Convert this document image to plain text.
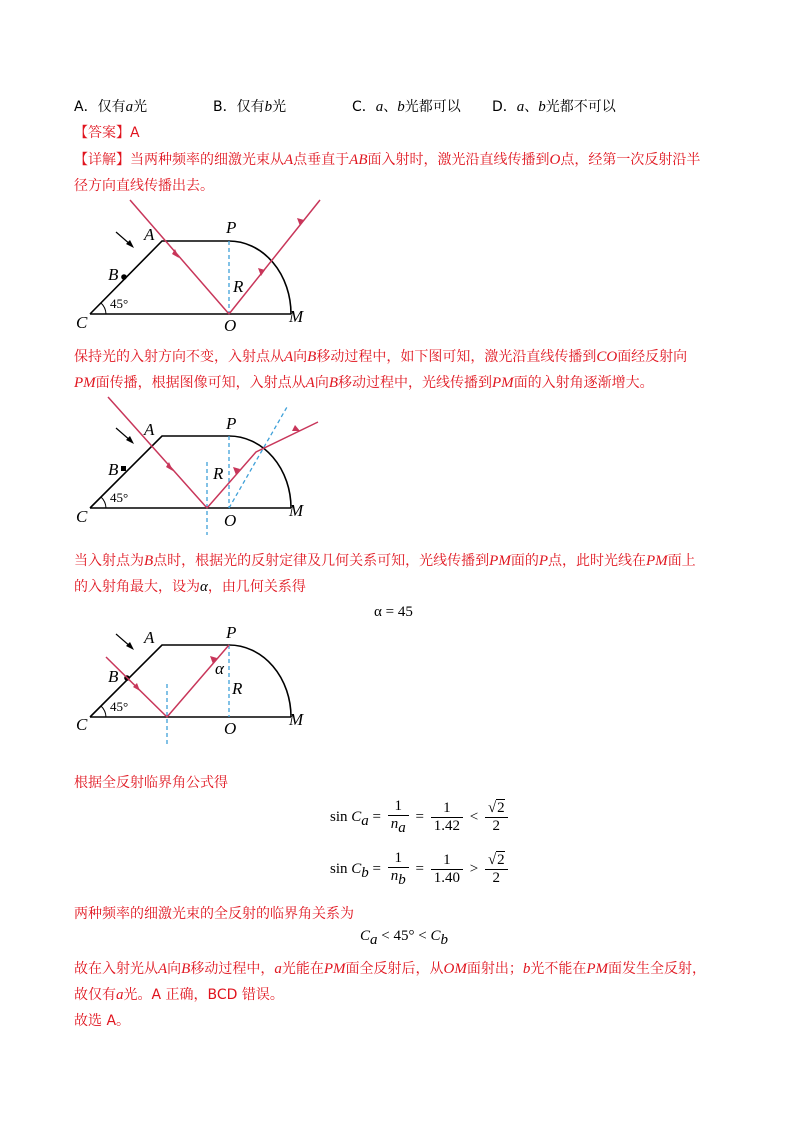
A．仅有a光	B．仅有b光	C．a、b光都可以 D．a、b光都不可以
【答案】A
【详解】当两种频率的细激光束从A点垂直于AB面入射时，激光沿直线传播到O点，经第一次反射沿半
径方向直线传播出去。
A	P
B
R
45°
C	O	M
保持光的入射方向不变，入射点从A向B移动过程中，如下图可知，激光沿直线传播到CO面经反射向
PM面传播，根据图像可知，入射点从A向B移动过程中，光线传播到PM面的入射角逐渐增大。
A	P
B	R
45°
C	O
M
当入射点为B点时，根据光的反射定律及几何关系可知，光线传播到PM面的P点，此时光线在PM面上
的入射角最大，设为α，由几何关系得
α = 45
A	P
α
B
R
45°
C	O	M
根据全反射临界角公式得
$\sin C_a = \frac{1}{n_a} = \frac{1}{1.42} < \frac{√2}{2}$
$\sin C_b = \frac{1}{n_b} = \frac{1}{1.40} > \frac{√2}{2}$
两种频率的细激光束的全反射的临界角关系为
$C_a < 45^\circ < C_b$
故在入射光从A向B移动过程中，a光能在PM面全反射后，从OM面射出；b光不能在PM面发生全反射，
故仅有a光。A 正确，BCD 错误。
故选 A。
